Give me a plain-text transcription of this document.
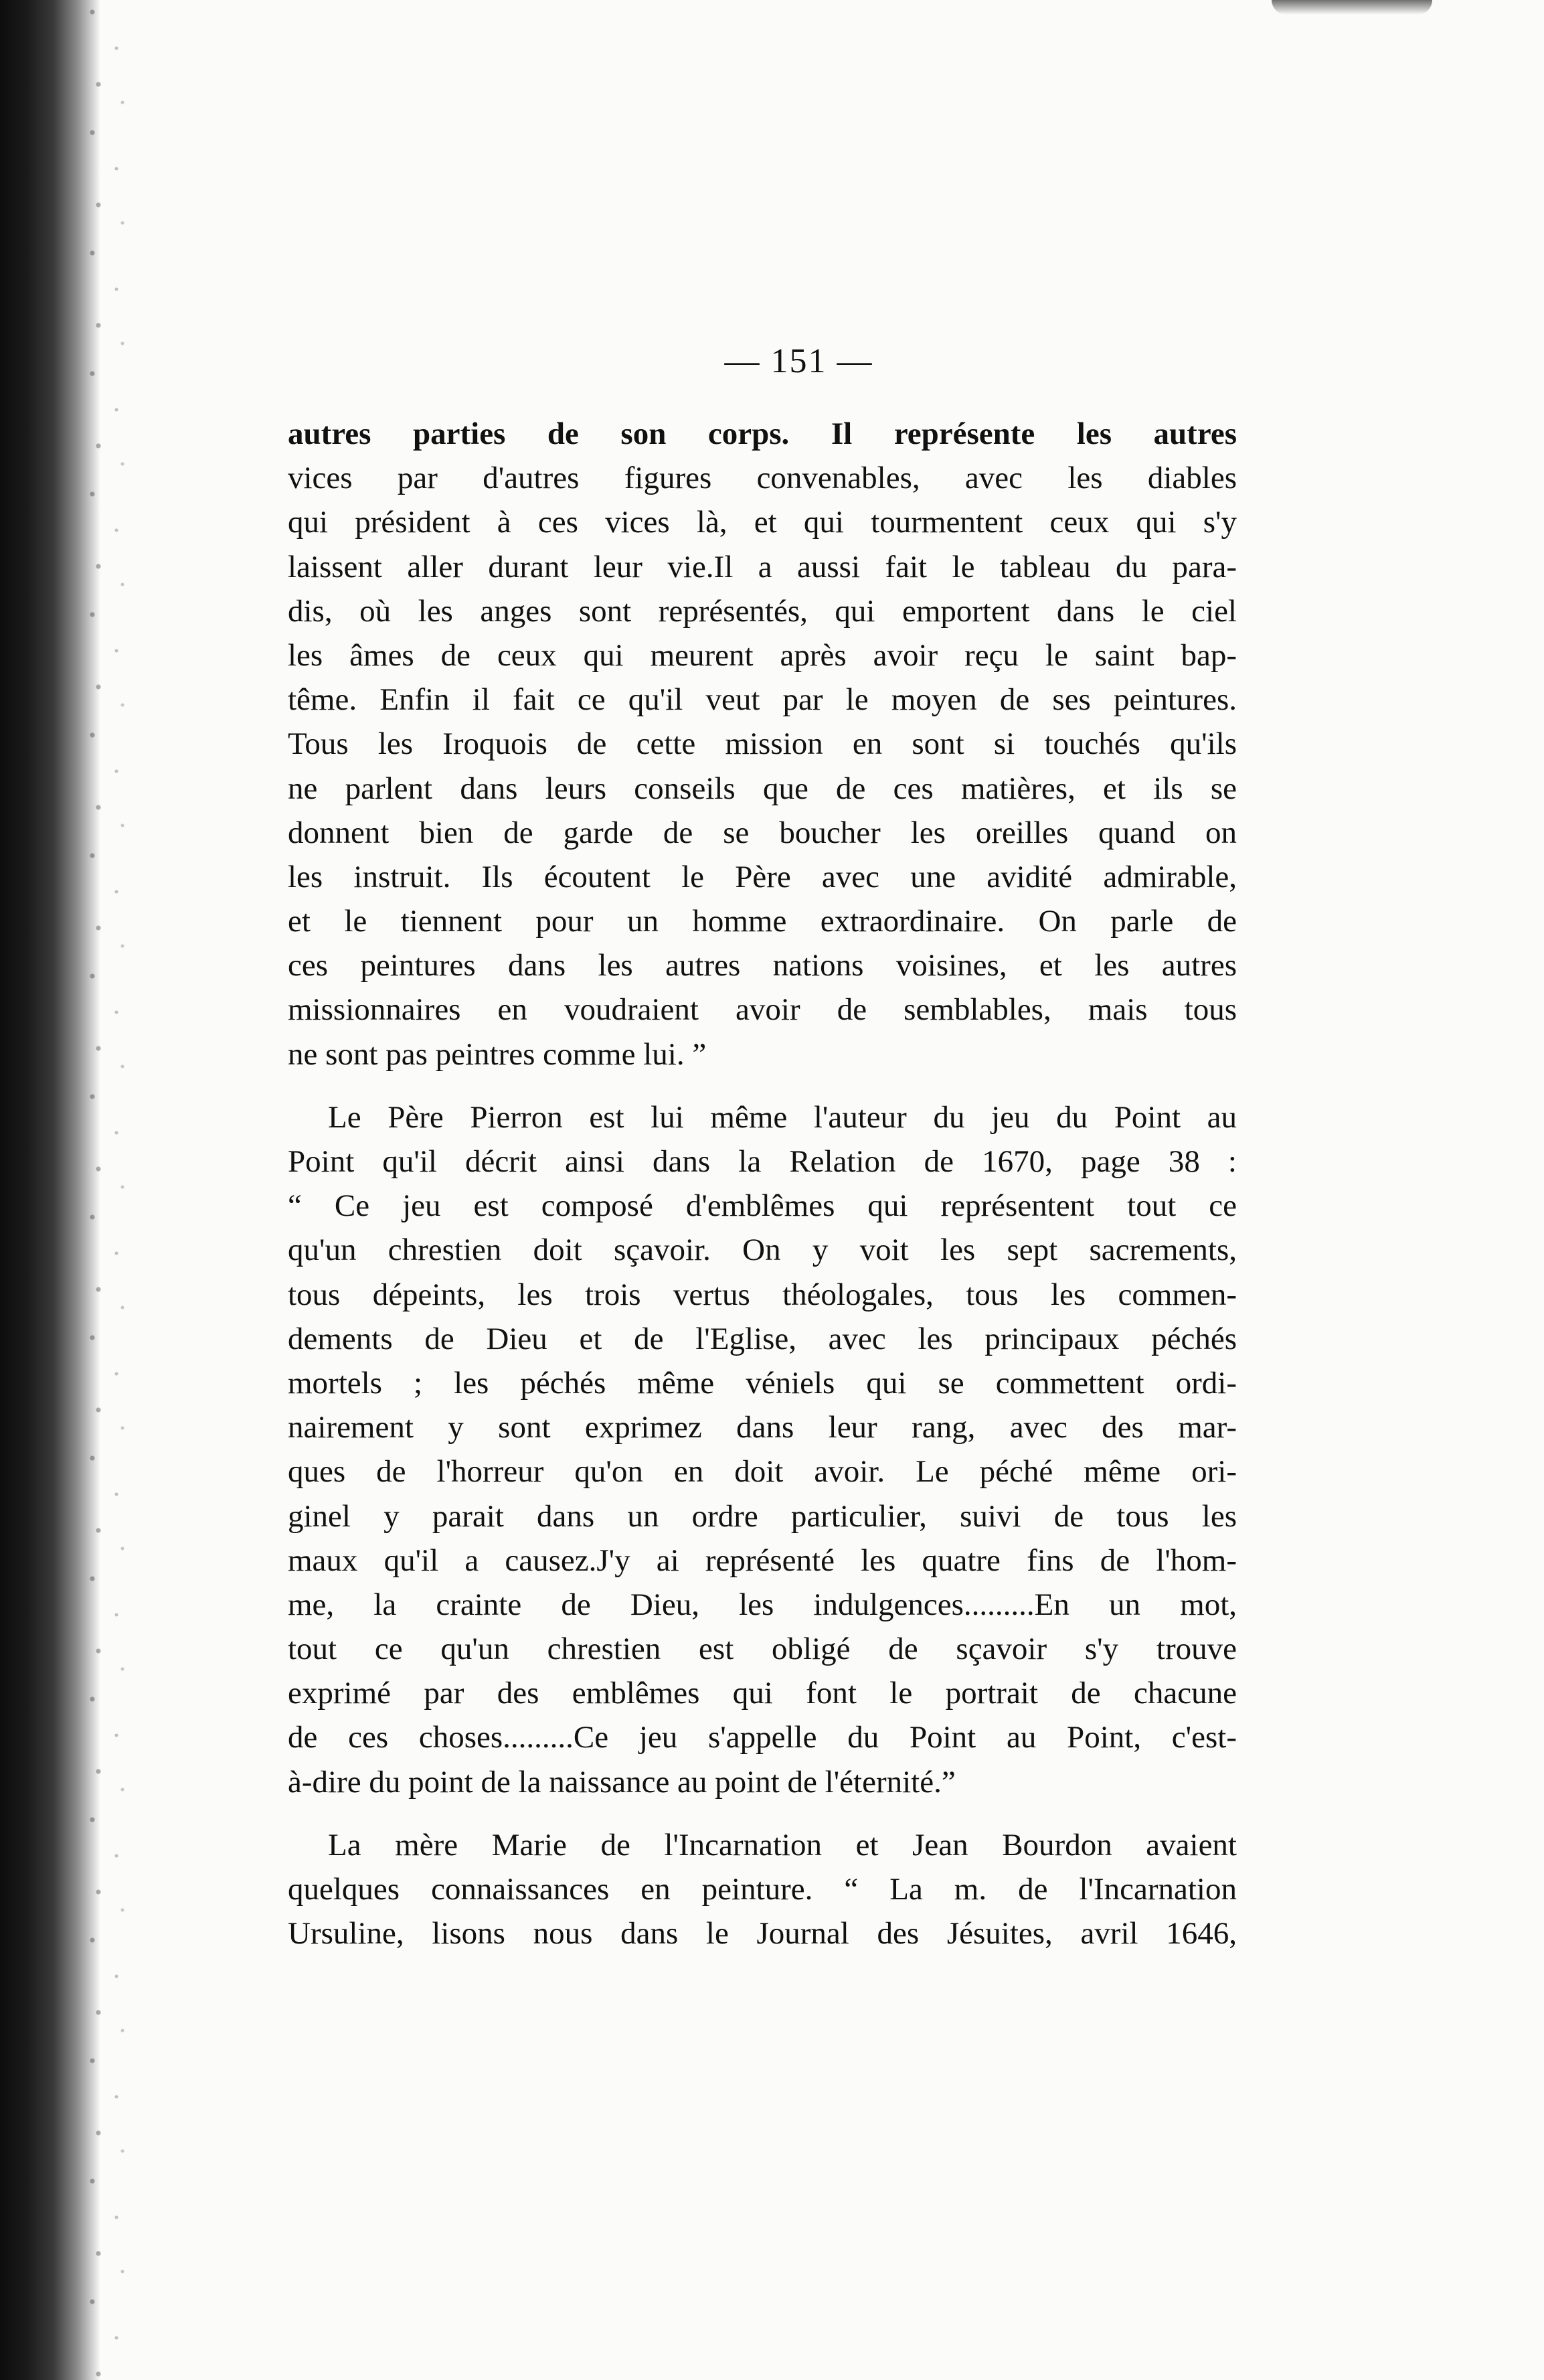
— 151 —
autres parties de son corps. Il représente les autres
vices par d'autres figures convenables, avec les diables
qui président à ces vices là, et qui tourmentent ceux qui s'y
laissent aller durant leur vie.Il a aussi fait le tableau du para-
dis, où les anges sont représentés, qui emportent dans le ciel
les âmes de ceux qui meurent après avoir reçu le saint bap-
tême. Enfin il fait ce qu'il veut par le moyen de ses peintures.
Tous les Iroquois de cette mission en sont si touchés qu'ils
ne parlent dans leurs conseils que de ces matières, et ils se
donnent bien de garde de se boucher les oreilles quand on
les instruit. Ils écoutent le Père avec une avidité admirable,
et le tiennent pour un homme extraordinaire. On parle de
ces peintures dans les autres nations voisines, et les autres
missionnaires en voudraient avoir de semblables, mais tous
ne sont pas peintres comme lui. ”
Le Père Pierron est lui même l'auteur du jeu du Point au
Point qu'il décrit ainsi dans la Relation de 1670, page 38 :
“ Ce jeu est composé d'emblêmes qui représentent tout ce
qu'un chrestien doit sçavoir. On y voit les sept sacrements,
tous dépeints, les trois vertus théologales, tous les commen-
dements de Dieu et de l'Eglise, avec les principaux péchés
mortels ; les péchés même véniels qui se commettent ordi-
nairement y sont exprimez dans leur rang, avec des mar-
ques de l'horreur qu'on en doit avoir. Le péché même ori-
ginel y parait dans un ordre particulier, suivi de tous les
maux qu'il a causez.J'y ai représenté les quatre fins de l'hom-
me, la crainte de Dieu, les indulgences.........En un mot,
tout ce qu'un chrestien est obligé de sçavoir s'y trouve
exprimé par des emblêmes qui font le portrait de chacune
de ces choses.........Ce jeu s'appelle du Point au Point, c'est-
à-dire du point de la naissance au point de l'éternité.”
La mère Marie de l'Incarnation et Jean Bourdon avaient
quelques connaissances en peinture. “ La m. de l'Incarnation
Ursuline, lisons nous dans le Journal des Jésuites, avril 1646,
